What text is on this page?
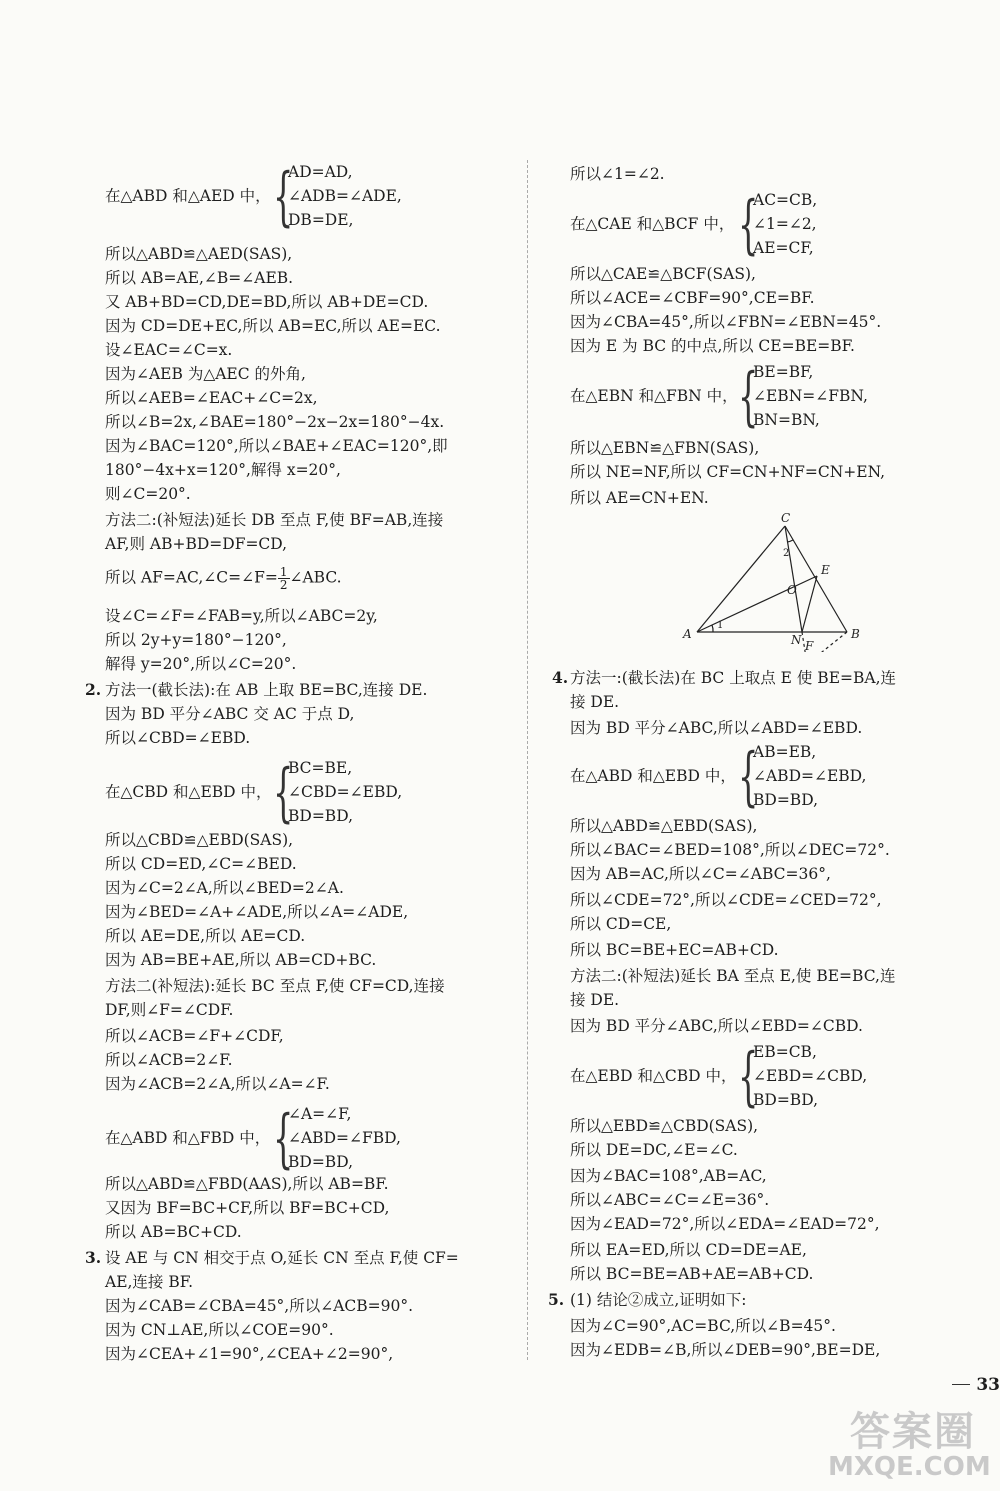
在△ABD 和△AED 中， {
AD=AD,
∠ADB=∠ADE,
DB=DE,
所以△ABD≌△AED(SAS),
所以 AB=AE,∠B=∠AEB.
又 AB+BD=CD,DE=BD,所以 AB+DE=CD.
因为 CD=DE+EC,所以 AB=EC,所以 AE=EC.
设∠EAC=∠C=x.
因为∠AEB 为△AEC 的外角,
所以∠AEB=∠EAC+∠C=2x,
所以∠B=2x,∠BAE=180°−2x−2x=180°−4x.
因为∠BAC=120°,所以∠BAE+∠EAC=120°,即
180°−4x+x=120°,解得 x=20°,
则∠C=20°.
方法二:(补短法)延长 DB 至点 F,使 BF=AB,连接
AF,则 AB+BD=DF=CD,
所以 AF=AC,∠C=∠F= $\frac{1}{2}$ ∠ABC.
设∠C=∠F=∠FAB=y,所以∠ABC=2y,
所以 2y+y=180°−120°,
解得 y=20°,所以∠C=20°.
2. 方法一(截长法):在 AB 上取 BE=BC,连接 DE.
因为 BD 平分∠ABC 交 AC 于点 D,
所以∠CBD=∠EBD.
在△CBD 和△EBD 中， {
BC=BE,
∠CBD=∠EBD,
BD=BD,
所以△CBD≌△EBD(SAS),
所以 CD=ED,∠C=∠BED.
因为∠C=2∠A,所以∠BED=2∠A.
因为∠BED=∠A+∠ADE,所以∠A=∠ADE,
所以 AE=DE,所以 AE=CD.
因为 AB=BE+AE,所以 AB=CD+BC.
方法二(补短法):延长 BC 至点 F,使 CF=CD,连接
DF,则∠F=∠CDF.
所以∠ACB=∠F+∠CDF,
所以∠ACB=2∠F.
因为∠ACB=2∠A,所以∠A=∠F.
在△ABD 和△FBD 中， {
∠A=∠F,
∠ABD=∠FBD,
BD=BD,
所以△ABD≌△FBD(AAS),所以 AB=BF.
又因为 BF=BC+CF,所以 BF=BC+CD,
所以 AB=BC+CD.
3. 设 AE 与 CN 相交于点 O,延长 CN 至点 F,使 CF=
AE,连接 BF.
因为∠CAB=∠CBA=45°,所以∠ACB=90°.
因为 CN⊥AE,所以∠COE=90°.
因为∠CEA+∠1=90°,∠CEA+∠2=90°,
所以∠1=∠2.
在△CAE 和△BCF 中， {
AC=CB,
∠1=∠2,
AE=CF,
所以△CAE≌△BCF(SAS),
所以∠ACE=∠CBF=90°,CE=BF.
因为∠CBA=45°,所以∠FBN=∠EBN=45°.
因为 E 为 BC 的中点,所以 CE=BE=BF.
在△EBN 和△FBN 中， {
BE=BF,
∠EBN=∠FBN,
BN=BN,
所以△EBN≌△FBN(SAS),
所以 NE=NF,所以 CF=CN+NF=CN+EN,
所以 AE=CN+EN.
C
E
O
A	N	B
F
1
2
4. 方法一:(截长法)在 BC 上取点 E 使 BE=BA,连
接 DE.
因为 BD 平分∠ABC,所以∠ABD=∠EBD.
在△ABD 和△EBD 中， {
AB=EB,
∠ABD=∠EBD,
BD=BD,
所以△ABD≌△EBD(SAS),
所以∠BAC=∠BED=108°,所以∠DEC=72°.
因为 AB=AC,所以∠C=∠ABC=36°,
所以∠CDE=72°,所以∠CDE=∠CED=72°,
所以 CD=CE,
所以 BC=BE+EC=AB+CD.
方法二:(补短法)延长 BA 至点 E,使 BE=BC,连
接 DE.
因为 BD 平分∠ABC,所以∠EBD=∠CBD.
在△EBD 和△CBD 中， {
EB=CB,
∠EBD=∠CBD,
BD=BD,
所以△EBD≌△CBD(SAS),
所以 DE=DC,∠E=∠C.
因为∠BAC=108°,AB=AC,
所以∠ABC=∠C=∠E=36°.
因为∠EAD=72°,所以∠EDA=∠EAD=72°,
所以 EA=ED,所以 CD=DE=AE,
所以 BC=BE=AB+AE=AB+CD.
5. (1) 结论②成立,证明如下:
因为∠C=90°,AC=BC,所以∠B=45°.
因为∠EDB=∠B,所以∠DEB=90°,BE=DE,
33
答案圈
MXQE.COM
